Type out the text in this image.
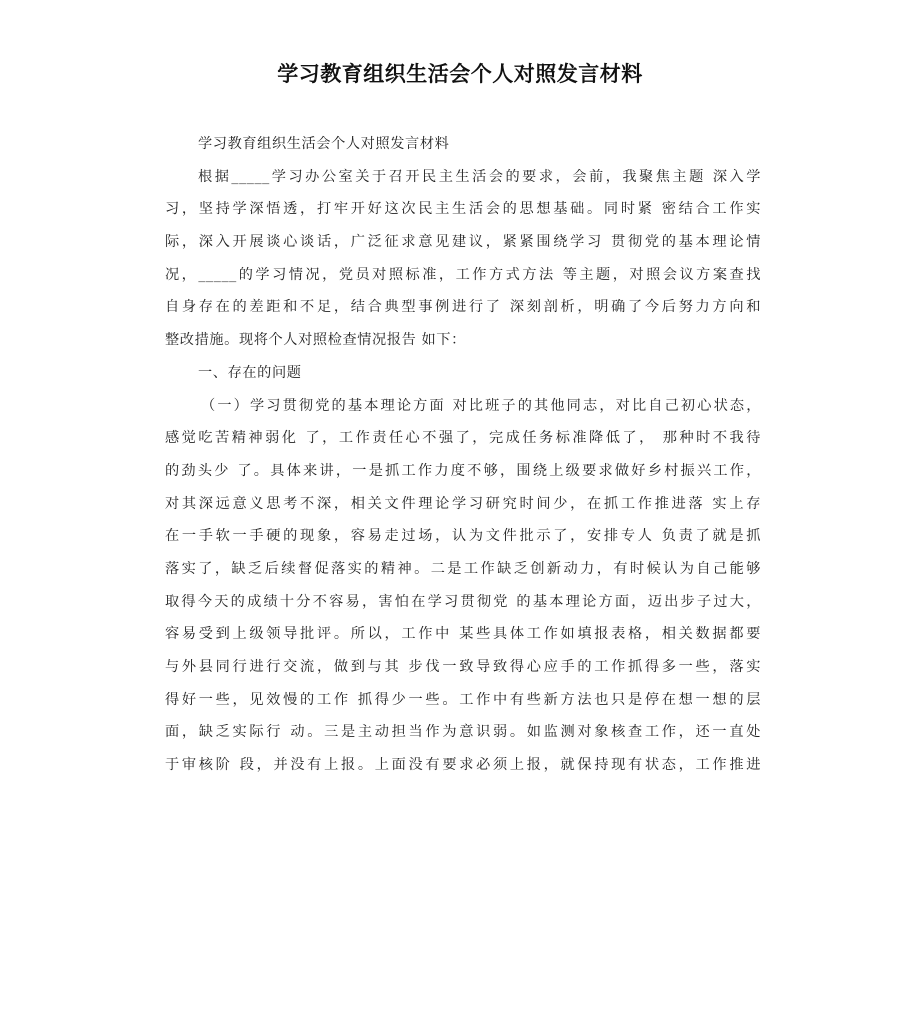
学习教育组织生活会个人对照发言材料
学习教育组织生活会个人对照发言材料
根据_____学习办公室关于召开民主生活会的要求，会前，我聚焦主题 深入学
习，坚持学深悟透，打牢开好这次民主生活会的思想基础。同时紧 密结合工作实
际，深入开展谈心谈话，广泛征求意见建议，紧紧围绕学习 贯彻党的基本理论情
况，_____的学习情况，党员对照标准，工作方式方法 等主题，对照会议方案查找
自身存在的差距和不足，结合典型事例进行了 深刻剖析，明确了今后努力方向和
整改措施。现将个人对照检查情况报告 如下：
一、存在的问题
（一）学习贯彻党的基本理论方面 对比班子的其他同志，对比自己初心状态，
感觉吃苦精神弱化 了，工作责任心不强了，完成任务标准降低了， 那种时不我待
的劲头少 了。具体来讲，一是抓工作力度不够，围绕上级要求做好乡村振兴工作，
对其深远意义思考不深，相关文件理论学习研究时间少，在抓工作推进落 实上存
在一手软一手硬的现象，容易走过场，认为文件批示了，安排专人 负责了就是抓
落实了，缺乏后续督促落实的精神。二是工作缺乏创新动力，有时候认为自己能够
取得今天的成绩十分不容易，害怕在学习贯彻党 的基本理论方面，迈出步子过大，
容易受到上级领导批评。所以，工作中 某些具体工作如填报表格，相关数据都要
与外县同行进行交流，做到与其 步伐一致导致得心应手的工作抓得多一些，落实
得好一些，见效慢的工作 抓得少一些。工作中有些新方法也只是停在想一想的层
面，缺乏实际行 动。三是主动担当作为意识弱。如监测对象核查工作，还一直处
于审核阶 段，并没有上报。上面没有要求必须上报，就保持现有状态，工作推进
